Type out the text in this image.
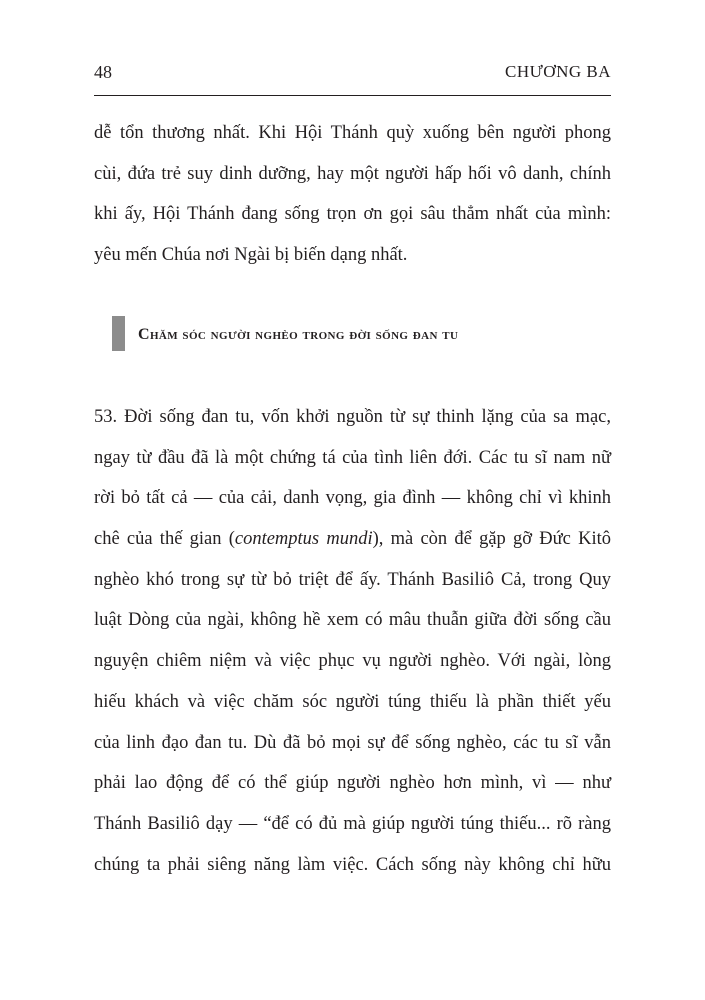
48	CHƯƠNG BA
dễ tổn thương nhất. Khi Hội Thánh quỳ xuống bên người phong
cùi, đứa trẻ suy dinh dưỡng, hay một người hấp hối vô danh, chính
khi ấy, Hội Thánh đang sống trọn ơn gọi sâu thẳm nhất của mình:
yêu mến Chúa nơi Ngài bị biến dạng nhất.
Chăm sóc người nghèo trong đời sống đan tu
53. Đời sống đan tu, vốn khởi nguồn từ sự thinh lặng của sa mạc,
ngay từ đầu đã là một chứng tá của tình liên đới. Các tu sĩ nam nữ
rời bỏ tất cả — của cải, danh vọng, gia đình — không chỉ vì khinh
chê của thế gian (contemptus mundi), mà còn để gặp gỡ Đức Kitô
nghèo khó trong sự từ bỏ triệt để ấy. Thánh Basiliô Cả, trong Quy
luật Dòng của ngài, không hề xem có mâu thuẫn giữa đời sống cầu
nguyện chiêm niệm và việc phục vụ người nghèo. Với ngài, lòng
hiếu khách và việc chăm sóc người túng thiếu là phần thiết yếu
của linh đạo đan tu. Dù đã bỏ mọi sự để sống nghèo, các tu sĩ vẫn
phải lao động để có thể giúp người nghèo hơn mình, vì — như
Thánh Basiliô dạy — “để có đủ mà giúp người túng thiếu... rõ ràng
chúng ta phải siêng năng làm việc. Cách sống này không chỉ hữu
